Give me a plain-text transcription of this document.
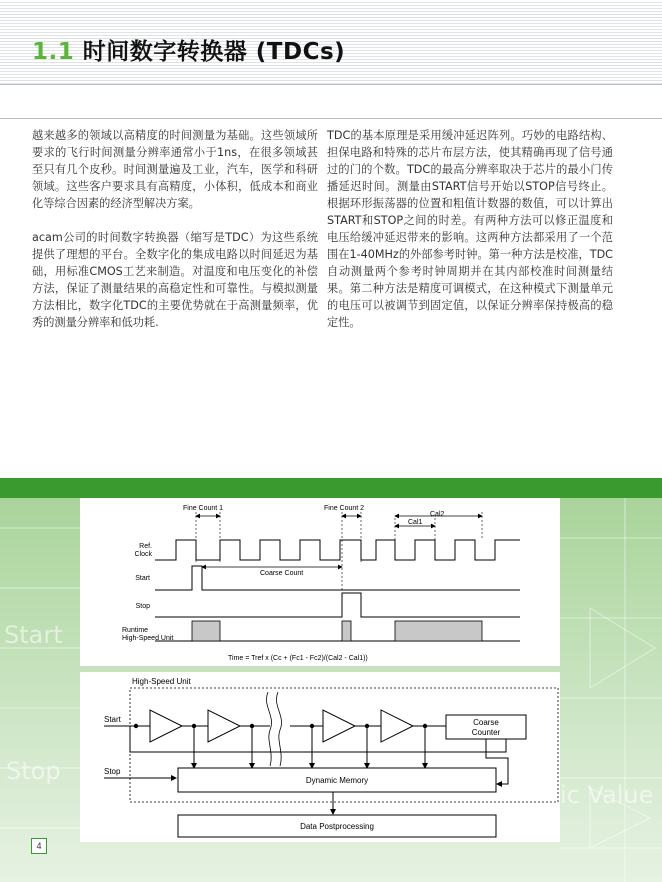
1.1 时间数字转换器 (TDCs)

越来越多的领域以高精度的时间测量为基础。这些领域所要求的飞行时间测量分辨率通常小于1ns，在很多领域甚至只有几个皮秒。时间测量遍及工业，汽车，医学和科研领域。这些客户要求具有高精度，小体积，低成本和商业化等综合因素的经济型解决方案。

acam公司的时间数字转换器（缩写是TDC）为这些系统提供了理想的平台。全数字化的集成电路以时间延迟为基础，用标准CMOS工艺来制造。对温度和电压变化的补偿方法，保证了测量结果的高稳定性和可靠性。与模拟测量方法相比，数字化TDC的主要优势就在于高测量频率，优秀的测量分辨率和低功耗.

TDC的基本原理是采用缓冲延迟阵列。巧妙的电路结构、担保电路和特殊的芯片布层方法，使其精确再现了信号通过的门的个数。TDC的最高分辨率取决于芯片的最小门传播延迟时间。测量由START信号开始以STOP信号终止。根据环形振荡器的位置和粗值计数器的数值，可以计算出START和STOP之间的时差。有两种方法可以修正温度和电压给缓冲延迟带来的影响。这两种方法都采用了一个范围在1-40MHz的外部参考时钟。第一种方法是校准，TDC自动测量两个参考时钟周期并在其内部校准时间测量结果。第二种方法是精度可调模式，在这种模式下测量单元的电压可以被调节到固定值，以保证分辨率保持极高的稳定性。

Start
Stop
ic Value
Fine Count 1	Fine Count 2
Cal2
Cal1
Ref.
Clock
Coarse Count
Start
Stop
Runtime
High-Speed Unit
Time = Tref x (Cc + (Fc1 - Fc2)/(Cal2 - Cal1))
High-Speed Unit
Start	Coarse
Counter
Stop
Dynamic Memory
Data Postprocessing
4
